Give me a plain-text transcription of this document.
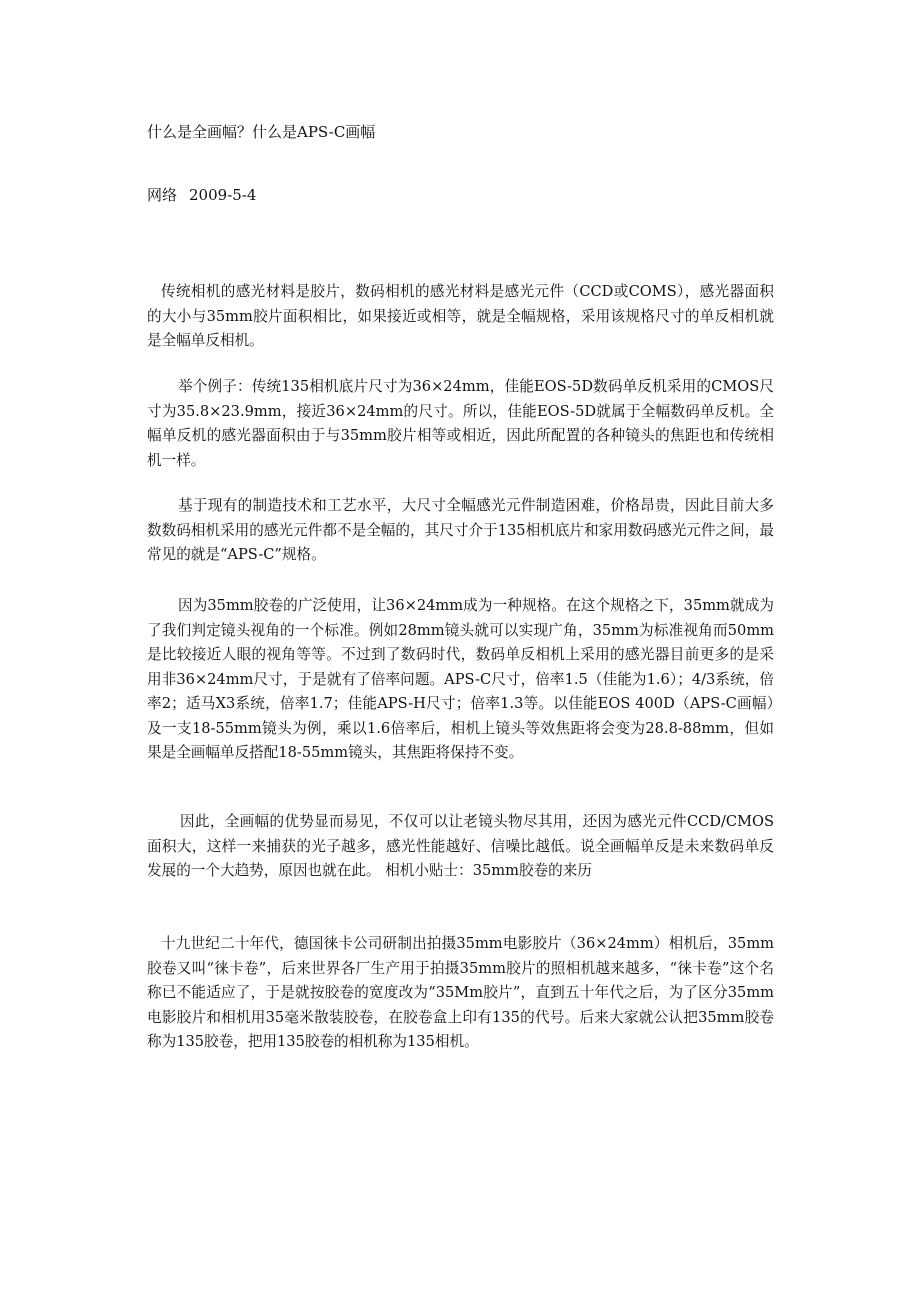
什么是全画幅？什么是APS-C画幅
网络 2009-5-4

传统相机的感光材料是胶片，数码相机的感光材料是感光元件（CCD或COMS），感光器面积的大小与35mm胶片面积相比，如果接近或相等，就是全幅规格，采用该规格尺寸的单反相机就是全幅单反相机。

举个例子：传统135相机底片尺寸为36×24mm，佳能EOS-5D数码单反机采用的CMOS尺寸为35.8×23.9mm，接近36×24mm的尺寸。所以，佳能EOS-5D就属于全幅数码单反机。全幅单反机的感光器面积由于与35mm胶片相等或相近，因此所配置的各种镜头的焦距也和传统相机一样。

基于现有的制造技术和工艺水平，大尺寸全幅感光元件制造困难，价格昂贵，因此目前大多数数码相机采用的感光元件都不是全幅的，其尺寸介于135相机底片和家用数码感光元件之间，最常见的就是“APS-C”规格。

因为35mm胶卷的广泛使用，让36×24mm成为一种规格。在这个规格之下，35mm就成为了我们判定镜头视角的一个标准。例如28mm镜头就可以实现广角，35mm为标准视角而50mm是比较接近人眼的视角等等。不过到了数码时代，数码单反相机上采用的感光器目前更多的是采用非36×24mm尺寸，于是就有了倍率问题。APS-C尺寸，倍率1.5（佳能为1.6）；4/3系统，倍率2；适马X3系统，倍率1.7；佳能APS-H尺寸；倍率1.3等。以佳能EOS 400D（APS-C画幅）及一支18-55mm镜头为例，乘以1.6倍率后，相机上镜头等效焦距将会变为28.8-88mm，但如果是全画幅单反搭配18-55mm镜头，其焦距将保持不变。

因此，全画幅的优势显而易见，不仅可以让老镜头物尽其用，还因为感光元件CCD/CMOS面积大，这样一来捕获的光子越多，感光性能越好、信噪比越低。说全画幅单反是未来数码单反发展的一个大趋势，原因也就在此。 相机小贴士：35mm胶卷的来历

十九世纪二十年代，德国徕卡公司研制出拍摄35mm电影胶片（36×24mm）相机后，35mm胶卷又叫“徕卡卷”，后来世界各厂生产用于拍摄35mm胶片的照相机越来越多，“徕卡卷”这个名称已不能适应了，于是就按胶卷的宽度改为“35Mm胶片”，直到五十年代之后，为了区分35mm电影胶片和相机用35毫米散装胶卷，在胶卷盒上印有135的代号。后来大家就公认把35mm胶卷称为135胶卷，把用135胶卷的相机称为135相机。
